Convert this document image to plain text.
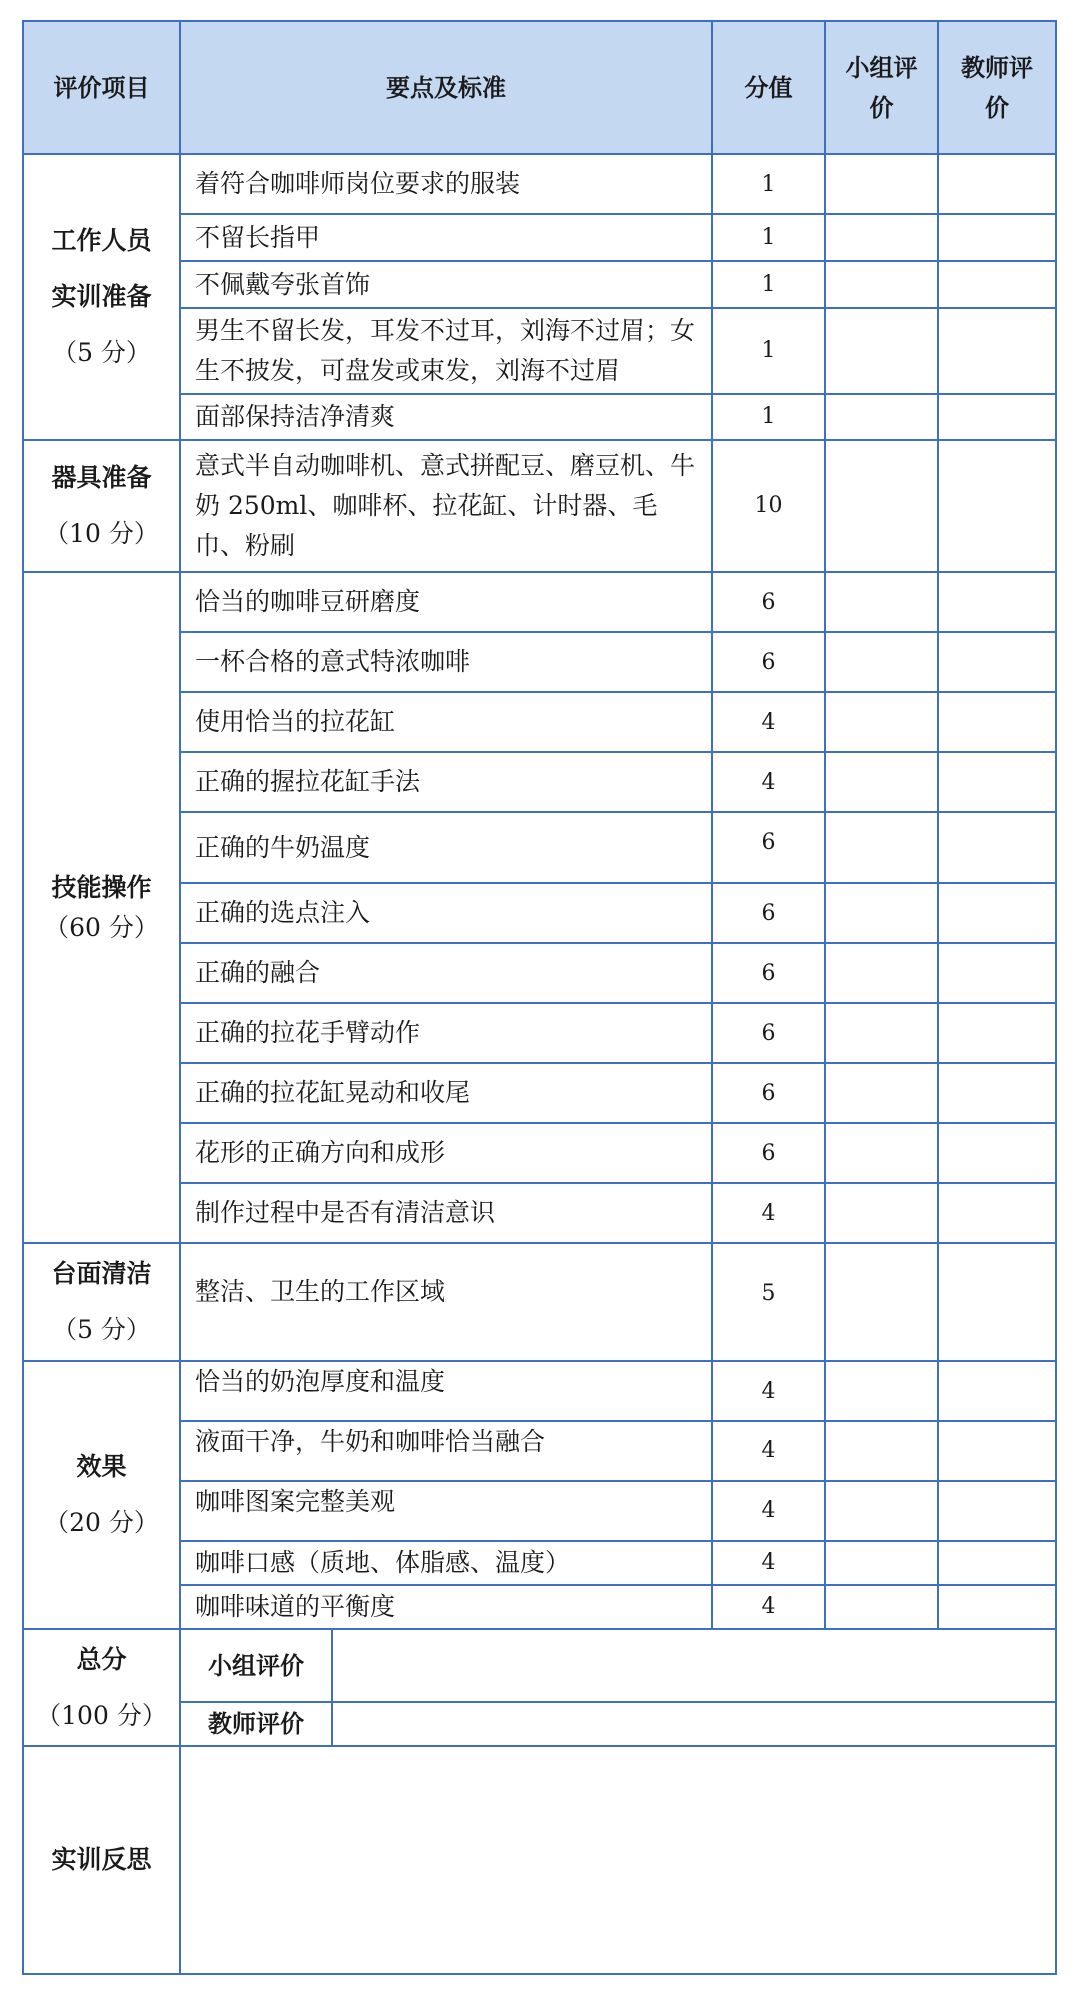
评价项目	要点及标准	分值	小组评价	教师评价

工作人员
实训准备
（5 分）	着符合咖啡师岗位要求的服装	1		
	不留长指甲	1		
	不佩戴夸张首饰	1		
	男生不留长发，耳发不过耳，刘海不过眉；女生不披发，可盘发或束发，刘海不过眉	1		
	面部保持洁净清爽	1		

器具准备
（10 分）	意式半自动咖啡机、意式拼配豆、磨豆机、牛奶 250ml、咖啡杯、拉花缸、计时器、毛巾、粉刷	10		

技能操作
（60 分）	恰当的咖啡豆研磨度	6		
	一杯合格的意式特浓咖啡	6		
	使用恰当的拉花缸	4		
	正确的握拉花缸手法	4		
	正确的牛奶温度	6		
	正确的选点注入	6		
	正确的融合	6		
	正确的拉花手臂动作	6		
	正确的拉花缸晃动和收尾	6		
	花形的正确方向和成形	6		
	制作过程中是否有清洁意识	4		

台面清洁
（5 分）	整洁、卫生的工作区域	5		

效果
（20 分）	恰当的奶泡厚度和温度	4		
	液面干净，牛奶和咖啡恰当融合	4		
	咖啡图案完整美观	4		
	咖啡口感（质地、体脂感、温度）	4		
	咖啡味道的平衡度	4		

总分
（100 分）	小组评价			

教师评价			

实训反思				
